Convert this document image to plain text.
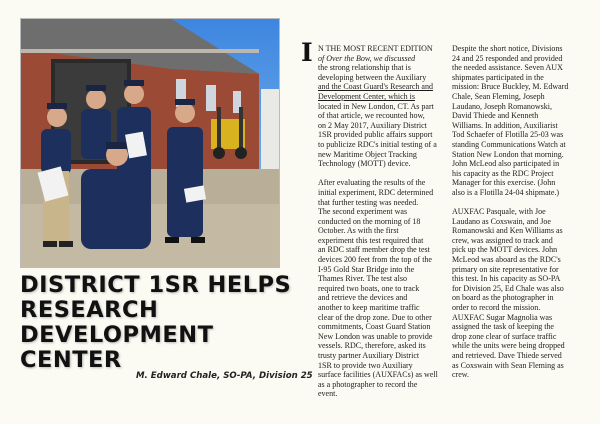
DISTRICT 1SR HELPS
RESEARCH
DEVELOPMENT
CENTER
M. Edward Chale, SO-PA, Division 25
I N THE MOST RECENT EDITION
of Over the Bow, we discussed
the strong relationship that is
developing between the Auxiliary
and the Coast Guard's Research and
Development Center, which is
located in New London, CT. As part
of that article, we recounted how,
on 2 May 2017, Auxiliary District
1SR provided public affairs support
to publicize RDC's initial testing of a
new Maritime Object Tracking
Technology (MOTT) device.

After evaluating the results of the
initial experiment, RDC determined
that further testing was needed.
The second experiment was
conducted on the morning of 18
October. As with the first
experiment this test required that
an RDC staff member drop the test
devices 200 feet from the top of the
I-95 Gold Star Bridge into the
Thames River. The test also
required two boats, one to track
and retrieve the devices and
another to keep maritime traffic
clear of the drop zone. Due to other
commitments, Coast Guard Station
New London was unable to provide
vessels. RDC, therefore, asked its
trusty partner Auxiliary District
1SR to provide two Auxiliary
surface facilities (AUXFACs) as well
as a photographer to record the
event.

Despite the short notice, Divisions
24 and 25 responded and provided
the needed assistance. Seven AUX
shipmates participated in the
mission: Bruce Buckley, M. Edward
Chale, Sean Fleming, Joseph
Laudano, Joseph Romanowski,
David Thiede and Kenneth
Williams. In addition, Auxiliarist
Tod Schaefer of Flotilla 25-03 was
standing Communications Watch at
Station New London that morning.
John McLeod also participated in
his capacity as the RDC Project
Manager for this exercise. (John
also is a Flotilla 24-04 shipmate.)

AUXFAC Pasquale, with Joe
Laudano as Coxswain, and Joe
Romanowski and Ken Williams as
crew, was assigned to track and
pick up the MOTT devices. John
McLeod was aboard as the RDC's
primary on site representative for
this test. In his capacity as SO-PA
for Division 25, Ed Chale was also
on board as the photographer in
order to record the mission.
AUXFAC Sugar Magnolia was
assigned the task of keeping the
drop zone clear of surface traffic
while the units were being dropped
and retrieved. Dave Thiede served
as Coxswain with Sean Fleming as
crew.
